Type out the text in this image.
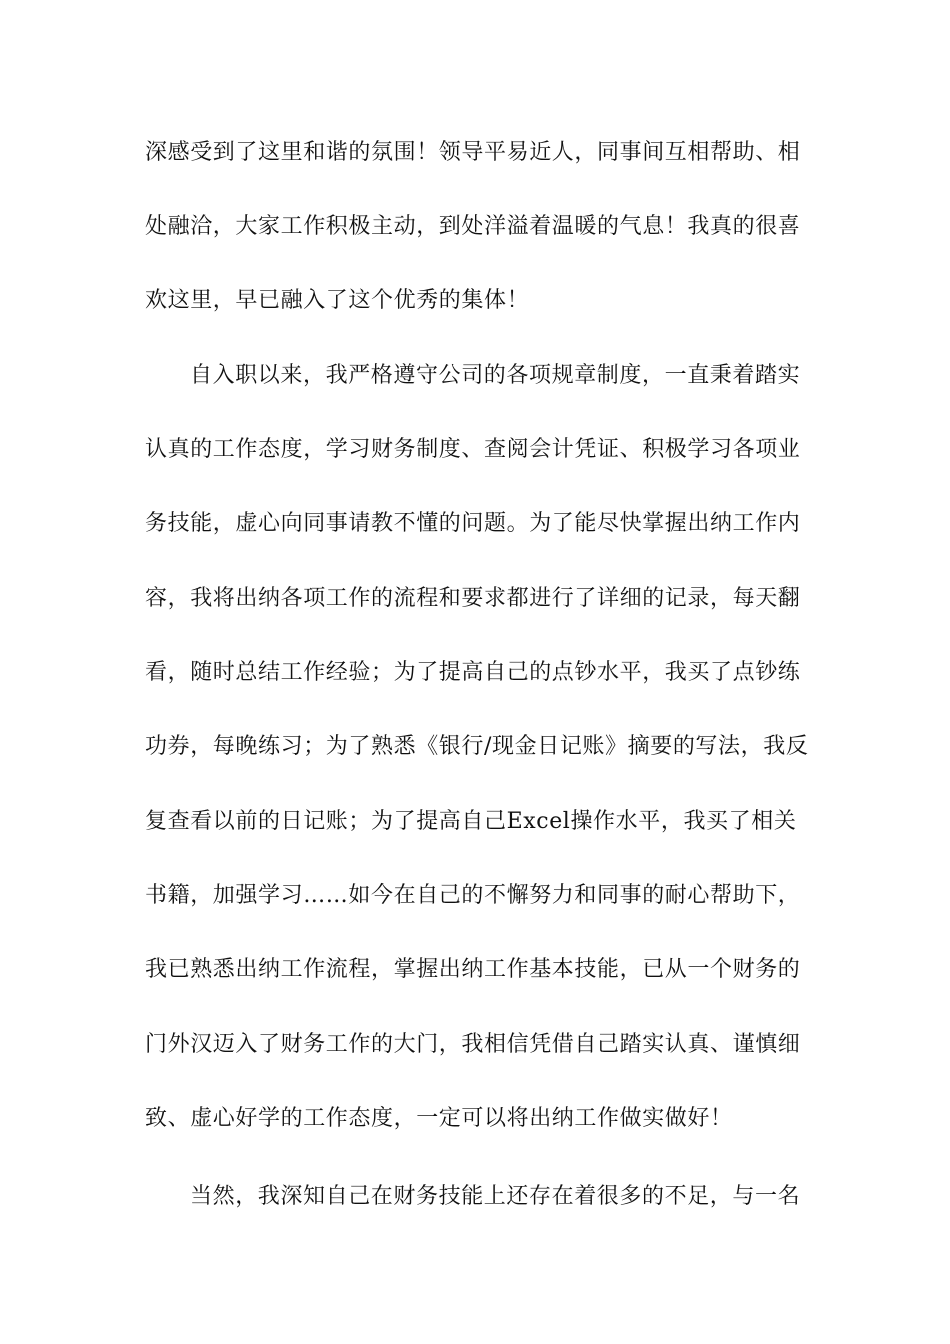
深感受到了这里和谐的氛围！领导平易近人，同事间互相帮助、相
处融洽，大家工作积极主动，到处洋溢着温暖的气息！我真的很喜
欢这里，早已融入了这个优秀的集体！
自入职以来，我严格遵守公司的各项规章制度，一直秉着踏实
认真的工作态度，学习财务制度、查阅会计凭证、积极学习各项业
务技能，虚心向同事请教不懂的问题。为了能尽快掌握出纳工作内
容，我将出纳各项工作的流程和要求都进行了详细的记录，每天翻
看，随时总结工作经验；为了提高自己的点钞水平，我买了点钞练
功券，每晚练习；为了熟悉《银行/现金日记账》摘要的写法，我反
复查看以前的日记账；为了提高自己Excel操作水平，我买了相关
书籍，加强学习……如今在自己的不懈努力和同事的耐心帮助下，
我已熟悉出纳工作流程，掌握出纳工作基本技能，已从一个财务的
门外汉迈入了财务工作的大门，我相信凭借自己踏实认真、谨慎细
致、虚心好学的工作态度，一定可以将出纳工作做实做好！
当然，我深知自己在财务技能上还存在着很多的不足，与一名
